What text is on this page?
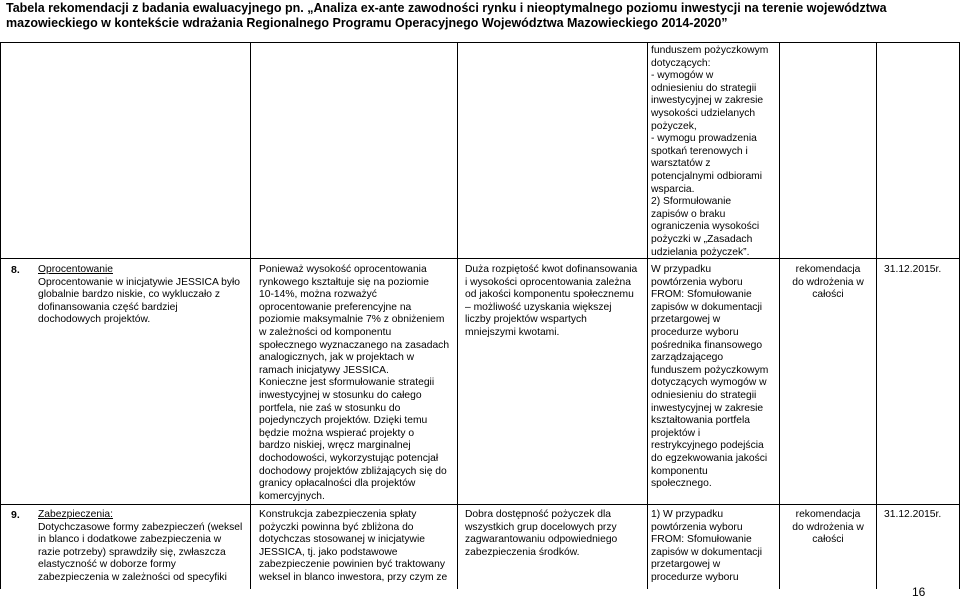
Tabela rekomendacji z badania ewaluacyjnego pn. „Analiza ex-ante zawodności rynku i nieoptymalnego poziomu inwestycji na terenie województwa
mazowieckiego w kontekście wdrażania Regionalnego Programu Operacyjnego Województwa Mazowieckiego 2014-2020”
funduszem pożyczkowym
dotyczących:
- wymogów w
odniesieniu do strategii
inwestycyjnej w zakresie
wysokości udzielanych
pożyczek,
- wymogu prowadzenia
spotkań terenowych i
warsztatów z
potencjalnymi odbiorami
wsparcia.
2) Sformułowanie
zapisów o braku
ograniczenia wysokości
pożyczki w „Zasadach
udzielania pożyczek”.
8. Oprocentowanie
Oprocentowanie w inicjatywie JESSICA było
globalnie bardzo niskie, co wykluczało z
dofinansowania część bardziej
dochodowych projektów.
Ponieważ wysokość oprocentowania
rynkowego kształtuje się na poziomie
10-14%, można rozważyć
oprocentowanie preferencyjne na
poziomie maksymalnie 7% z obniżeniem
w zależności od komponentu
społecznego wyznaczanego na zasadach
analogicznych, jak w projektach w
ramach inicjatywy JESSICA.
Konieczne jest sformułowanie strategii
inwestycyjnej w stosunku do całego
portfela, nie zaś w stosunku do
pojedynczych projektów. Dzięki temu
będzie można wspierać projekty o
bardzo niskiej, wręcz marginalnej
dochodowości, wykorzystując potencjał
dochodowy projektów zbliżających się do
granicy opłacalności dla projektów
komercyjnych.
Duża rozpiętość kwot dofinansowania
i wysokości oprocentowania zależna
od jakości komponentu społecznemu
– możliwość uzyskania większej
liczby projektów wspartych
mniejszymi kwotami.
W przypadku
powtórzenia wyboru
FROM: Sfomułowanie
zapisów w dokumentacji
przetargowej w
procedurze wyboru
pośrednika finansowego
zarządzającego
funduszem pożyczkowym
dotyczących wymogów w
odniesieniu do strategii
inwestycyjnej w zakresie
kształtowania portfela
projektów i
restrykcyjnego podejścia
do egzekwowania jakości
komponentu
społecznego.
rekomendacja
do wdrożenia w
całości
31.12.2015r.
9. Zabezpieczenia:
Dotychczasowe formy zabezpieczeń (weksel
in blanco i dodatkowe zabezpieczenia w
razie potrzeby) sprawdziły się, zwłaszcza
elastyczność w doborze formy
zabezpieczenia w zależności od specyfiki
Konstrukcja zabezpieczenia spłaty
pożyczki powinna być zbliżona do
dotychczas stosowanej w inicjatywie
JESSICA, tj. jako podstawowe
zabezpieczenie powinien być traktowany
weksel in blanco inwestora, przy czym ze
Dobra dostępność pożyczek dla
wszystkich grup docelowych przy
zagwarantowaniu odpowiedniego
zabezpieczenia środków.
1) W przypadku
powtórzenia wyboru
FROM: Sfomułowanie
zapisów w dokumentacji
przetargowej w
procedurze wyboru
rekomendacja
do wdrożenia w
całości
31.12.2015r.
16
